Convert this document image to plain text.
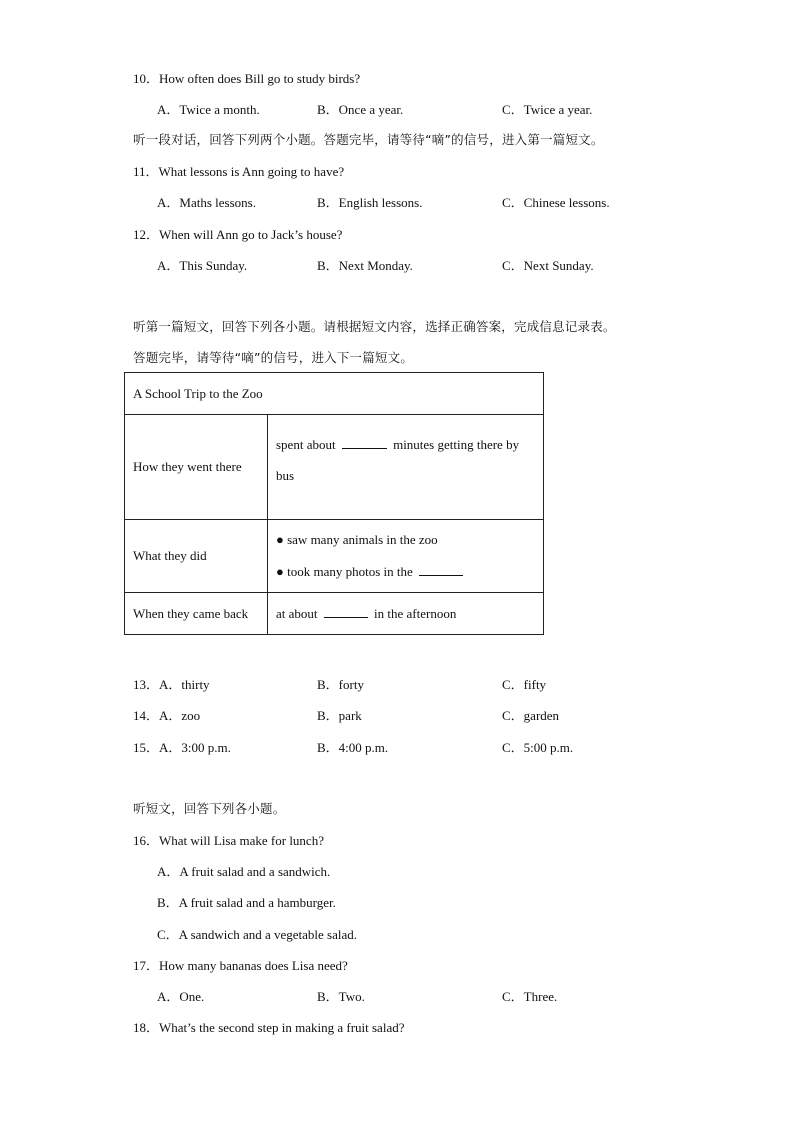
10．How often does Bill go to study birds?
A．Twice a month.	B．Once a year.	C．Twice a year.
听一段对话，回答下列两个小题。答题完毕，请等待“嘀”的信号，进入第一篇短文。
11．What lessons is Ann going to have?
A．Maths lessons.	B．English lessons.	C．Chinese lessons.
12．When will Ann go to Jack’s house?
A．This Sunday.	B．Next Monday.	C．Next Sunday.
听第一篇短文，回答下列各小题。请根据短文内容，选择正确答案，完成信息记录表。
答题完毕，请等待“嘀”的信号，进入下一篇短文。
A School Trip to the Zoo	
How they went there	spent about minutes getting there by
bus
What they did	● saw many animals in the zoo
● took many photos in the
When they came back	at about in the afternoon
13．A．thirty	B．forty	C．fifty
14．A．zoo	B．park	C．garden
15．A．3:00 p.m.	B．4:00 p.m.	C．5:00 p.m.
听短文，回答下列各小题。
16．What will Lisa make for lunch?
A．A fruit salad and a sandwich.
B．A fruit salad and a hamburger.
C．A sandwich and a vegetable salad.
17．How many bananas does Lisa need?
A．One.	B．Two.	C．Three.
18．What’s the second step in making a fruit salad?
